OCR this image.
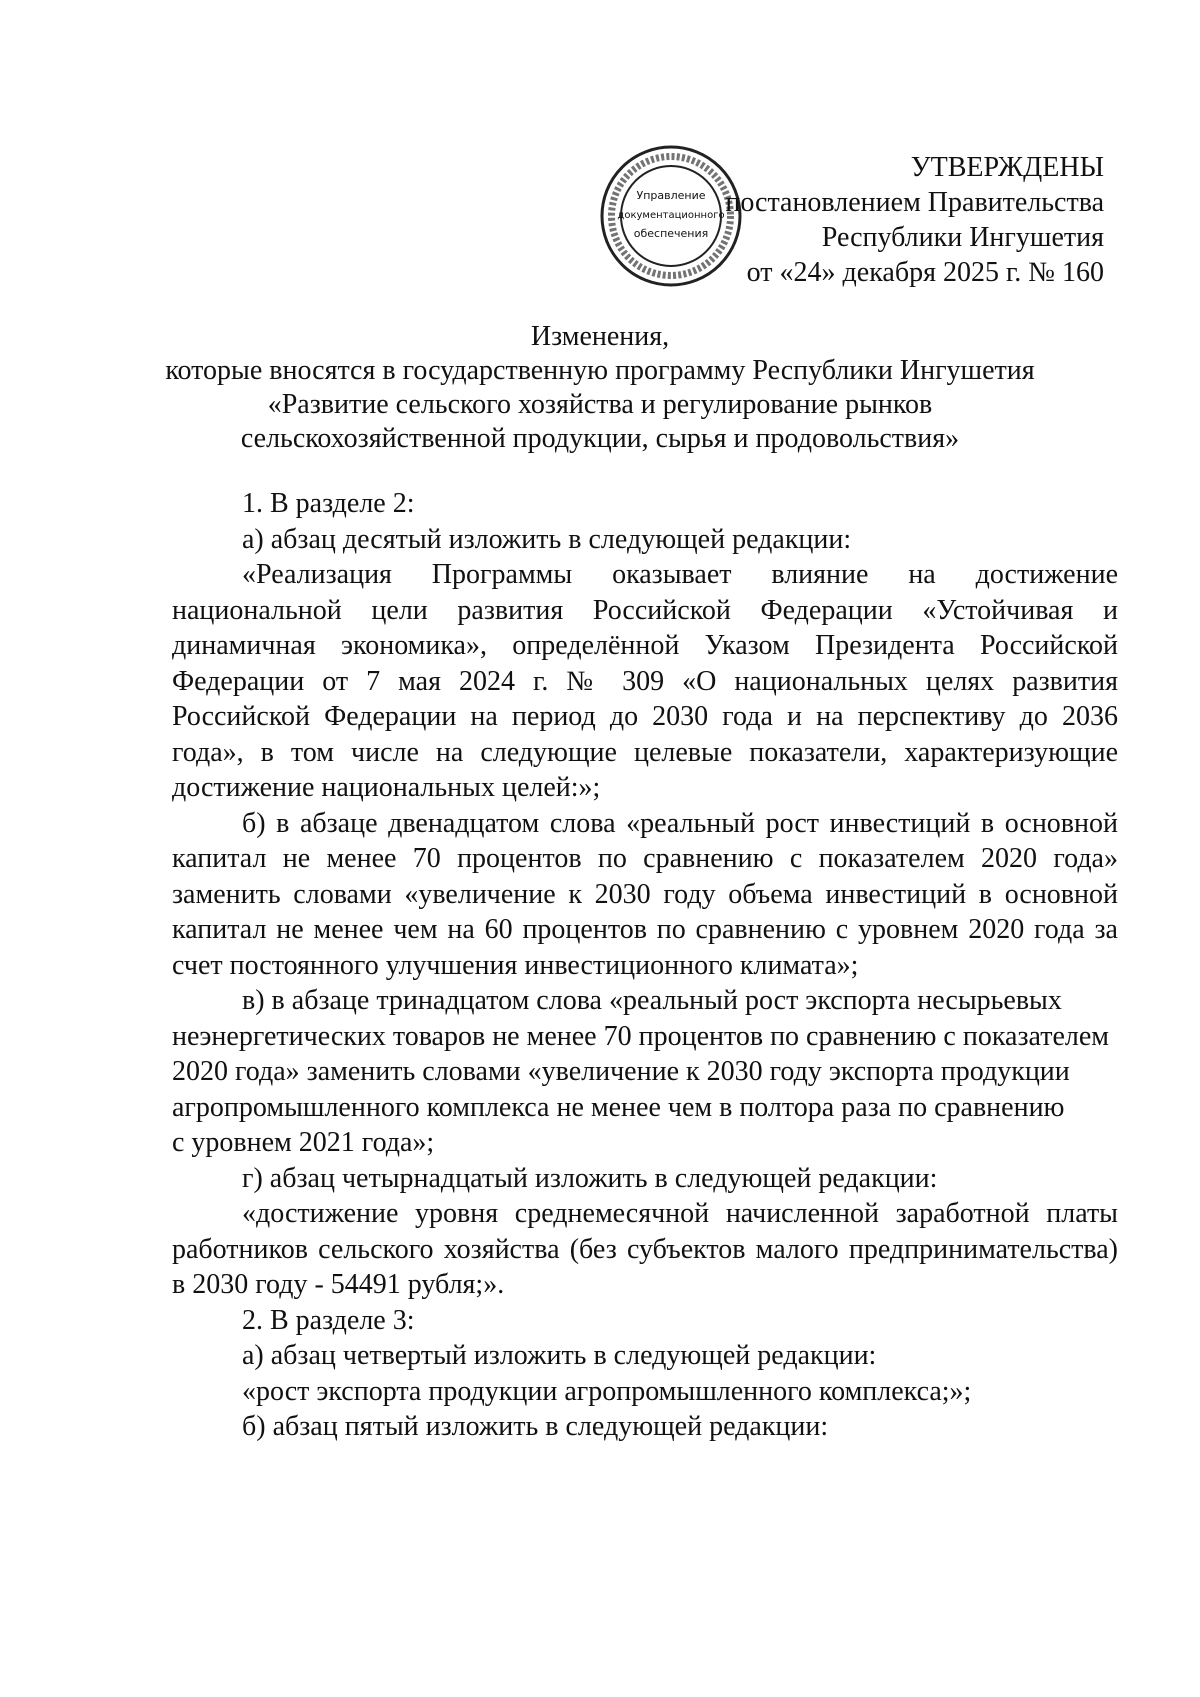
Управление
документационного
обеспечения
УТВЕРЖДЕНЫ
постановлением Правительства
Республики Ингушетия
от «24» декабря 2025 г. № 160
Изменения,
которые вносятся в государственную программу Республики Ингушетия
«Развитие сельского хозяйства и регулирование рынков
сельскохозяйственной продукции, сырья и продовольствия»

1. В разделе 2:

а) абзац десятый изложить в следующей редакции:

«Реализация Программы оказывает влияние на достижение национальной цели развития Российской Федерации «Устойчивая и динамичная экономика», определённой Указом Президента Российской Федерации от 7 мая 2024 г. № 309 «О национальных целях развития Российской Федерации на период до 2030 года и на перспективу до 2036 года», в том числе на следующие целевые показатели, характеризующие достижение национальных целей:»;

б) в абзаце двенадцатом слова «реальный рост инвестиций в основной капитал не менее 70 процентов по сравнению с показателем 2020 года» заменить словами «увеличение к 2030 году объема инвестиций в основной капитал не менее чем на 60 процентов по сравнению с уровнем 2020 года за счет постоянного улучшения инвестиционного климата»;

в) в абзаце тринадцатом слова «реальный рост экспорта несырьевых неэнергетических товаров не менее 70 процентов по сравнению с показателем 2020 года» заменить словами «увеличение к 2030 году экспорта продукции агропромышленного комплекса не менее чем в полтора раза по сравнению

с уровнем 2021 года»;

г) абзац четырнадцатый изложить в следующей редакции:

«достижение уровня среднемесячной начисленной заработной платы работников сельского хозяйства (без субъектов малого предпринимательства) в 2030 году - 54491 рубля;».

2. В разделе 3:

а) абзац четвертый изложить в следующей редакции:

«рост экспорта продукции агропромышленного комплекса;»;

б) абзац пятый изложить в следующей редакции:
